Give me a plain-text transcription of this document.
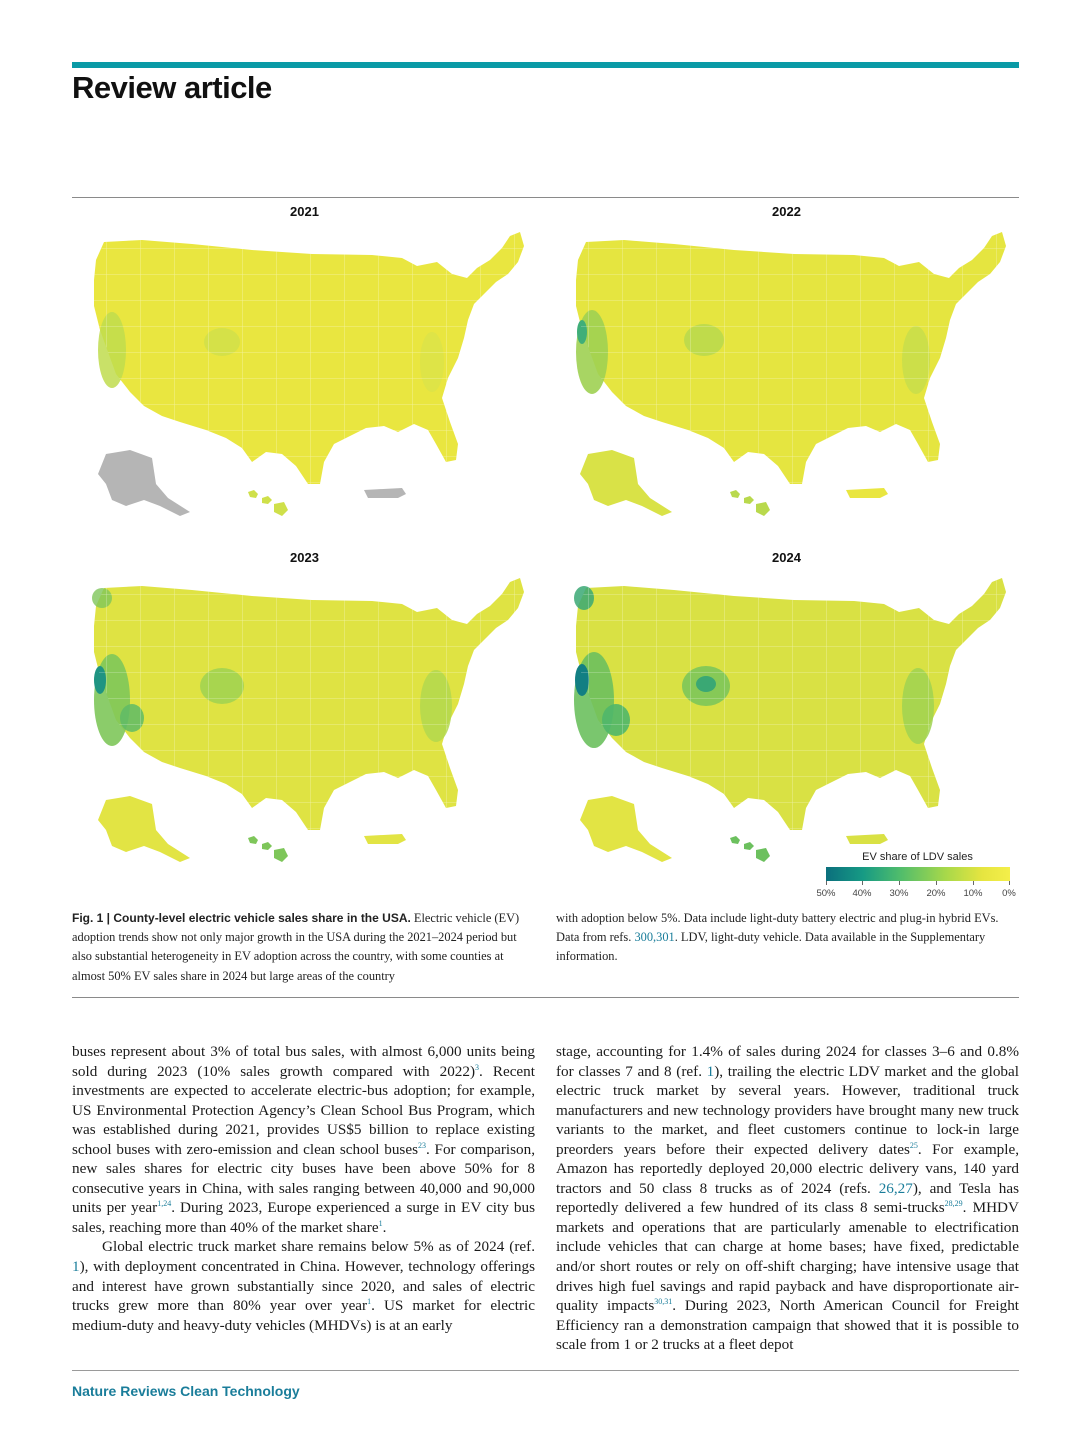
Review article
2021	2022
2023	2024
EV share of LDV sales
50%	40%	30%	20%	10%	0%
Fig. 1 | County-level electric vehicle sales share in the USA. Electric vehicle (EV) adoption trends show not only major growth in the USA during the 2021–2024 period but also substantial heterogeneity in EV adoption across the country, with some counties at almost 50% EV sales share in 2024 but large areas of the country
with adoption below 5%. Data include light-duty battery electric and plug-in hybrid EVs. Data from refs. 300,301. LDV, light-duty vehicle. Data available in the Supplementary information.

buses represent about 3% of total bus sales, with almost 6,000 units being sold during 2023 (10% sales growth compared with 2022)$^3$. Recent investments are expected to accelerate electric-bus adoption; for example, US Environmental Protection Agency’s Clean School Bus Program, which was established during 2021, provides US$5 billion to replace existing school buses with zero-emission and clean school buses$^{23}$. For comparison, new sales shares for electric city buses have been above 50% for 8 consecutive years in China, with sales ranging between 40,000 and 90,000 units per year$^{1,24}$. During 2023, Europe experienced a surge in EV city bus sales, reaching more than 40% of the market share$^1$.

Global electric truck market share remains below 5% as of 2024 (ref. 1), with deployment concentrated in China. However, technology offerings and interest have grown substantially since 2020, and sales of electric trucks grew more than 80% year over year$^1$. US market for electric medium-duty and heavy-duty vehicles (MHDVs) is at an early

stage, accounting for 1.4% of sales during 2024 for classes 3–6 and 0.8% for classes 7 and 8 (ref. 1), trailing the electric LDV market and the global electric truck market by several years. However, traditional truck manufacturers and new technology providers have brought many new truck variants to the market, and fleet customers continue to lock-in large preorders years before their expected delivery dates$^{25}$. For example, Amazon has reportedly deployed 20,000 electric delivery vans, 140 yard tractors and 50 class 8 trucks as of 2024 (refs. 26,27), and Tesla has reportedly delivered a few hundred of its class 8 semi-trucks$^{28,29}$. MHDV markets and operations that are particularly amenable to electrification include vehicles that can charge at home bases; have fixed, predictable and/or short routes or rely on off-shift charging; have intensive usage that drives high fuel savings and rapid payback and have disproportionate air-quality impacts$^{30,31}$. During 2023, North American Council for Freight Efficiency ran a demonstration campaign that showed that it is possible to scale from 1 or 2 trucks at a fleet depot

Nature Reviews Clean Technology
